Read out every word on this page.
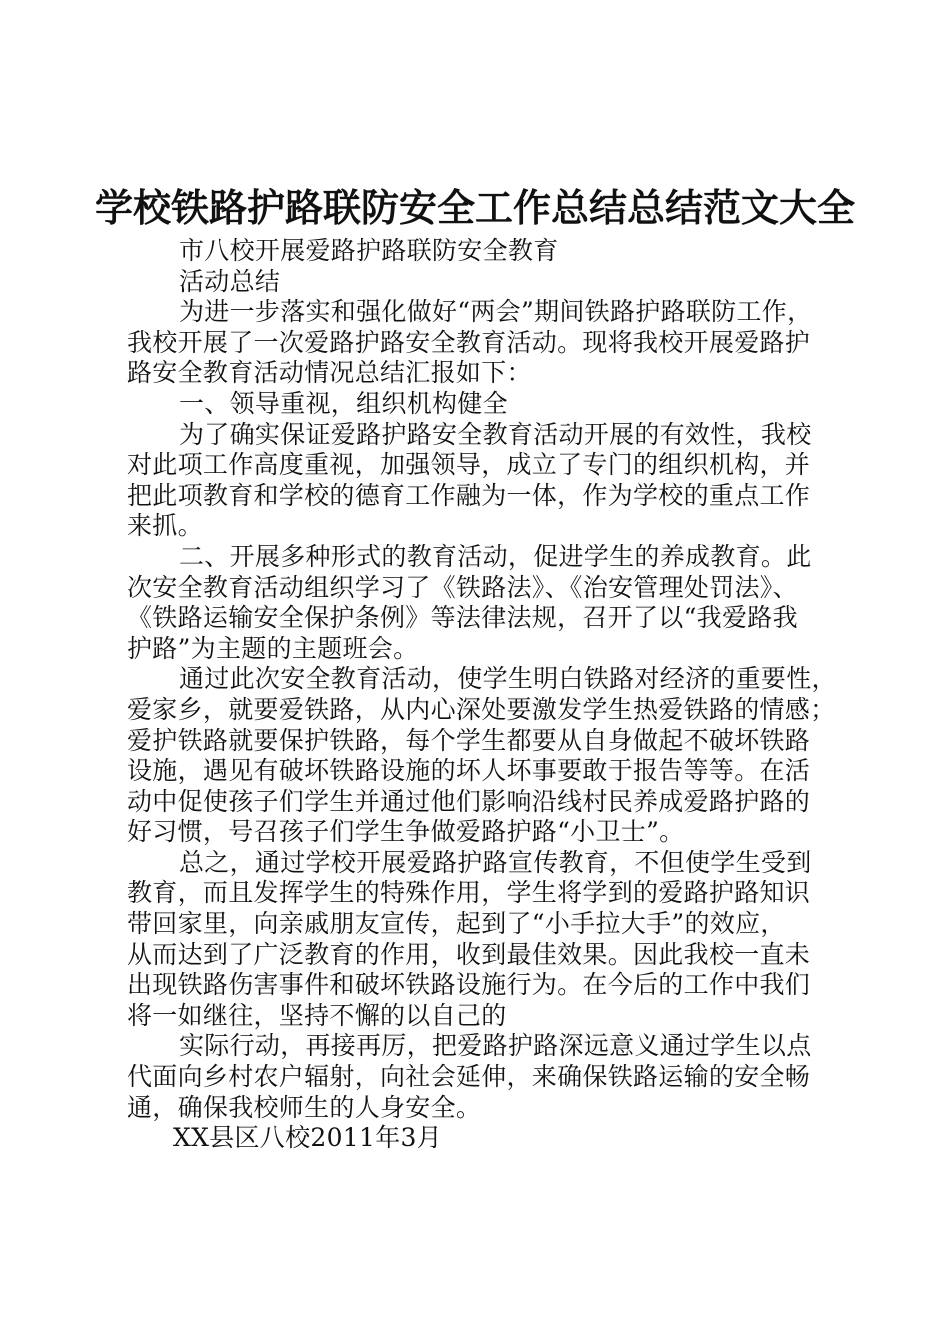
学校铁路护路联防安全工作总结总结范文大全
市八校开展爱路护路联防安全教育
活动总结
为进一步落实和强化做好“两会”期间铁路护路联防工作，
我校开展了一次爱路护路安全教育活动。现将我校开展爱路护
路安全教育活动情况总结汇报如下：
一、领导重视，组织机构健全
为了确实保证爱路护路安全教育活动开展的有效性，我校
对此项工作高度重视，加强领导，成立了专门的组织机构，并
把此项教育和学校的德育工作融为一体，作为学校的重点工作
来抓。
二、开展多种形式的教育活动，促进学生的养成教育。此
次安全教育活动组织学习了《铁路法》、《治安管理处罚法》、
《铁路运输安全保护条例》等法律法规，召开了以“我爱路我
护路”为主题的主题班会。
通过此次安全教育活动，使学生明白铁路对经济的重要性，
爱家乡，就要爱铁路，从内心深处要激发学生热爱铁路的情感；
爱护铁路就要保护铁路，每个学生都要从自身做起不破坏铁路
设施，遇见有破坏铁路设施的坏人坏事要敢于报告等等。在活
动中促使孩子们学生并通过他们影响沿线村民养成爱路护路的
好习惯，号召孩子们学生争做爱路护路“小卫士”。
总之，通过学校开展爱路护路宣传教育，不但使学生受到
教育，而且发挥学生的特殊作用，学生将学到的爱路护路知识
带回家里，向亲戚朋友宣传，起到了“小手拉大手”的效应，
从而达到了广泛教育的作用，收到最佳效果。因此我校一直未
出现铁路伤害事件和破坏铁路设施行为。在今后的工作中我们
将一如继往，坚持不懈的以自己的
实际行动，再接再厉，把爱路护路深远意义通过学生以点
代面向乡村农户辐射，向社会延伸，来确保铁路运输的安全畅
通，确保我校师生的人身安全。
XX县区八校2011年3月
